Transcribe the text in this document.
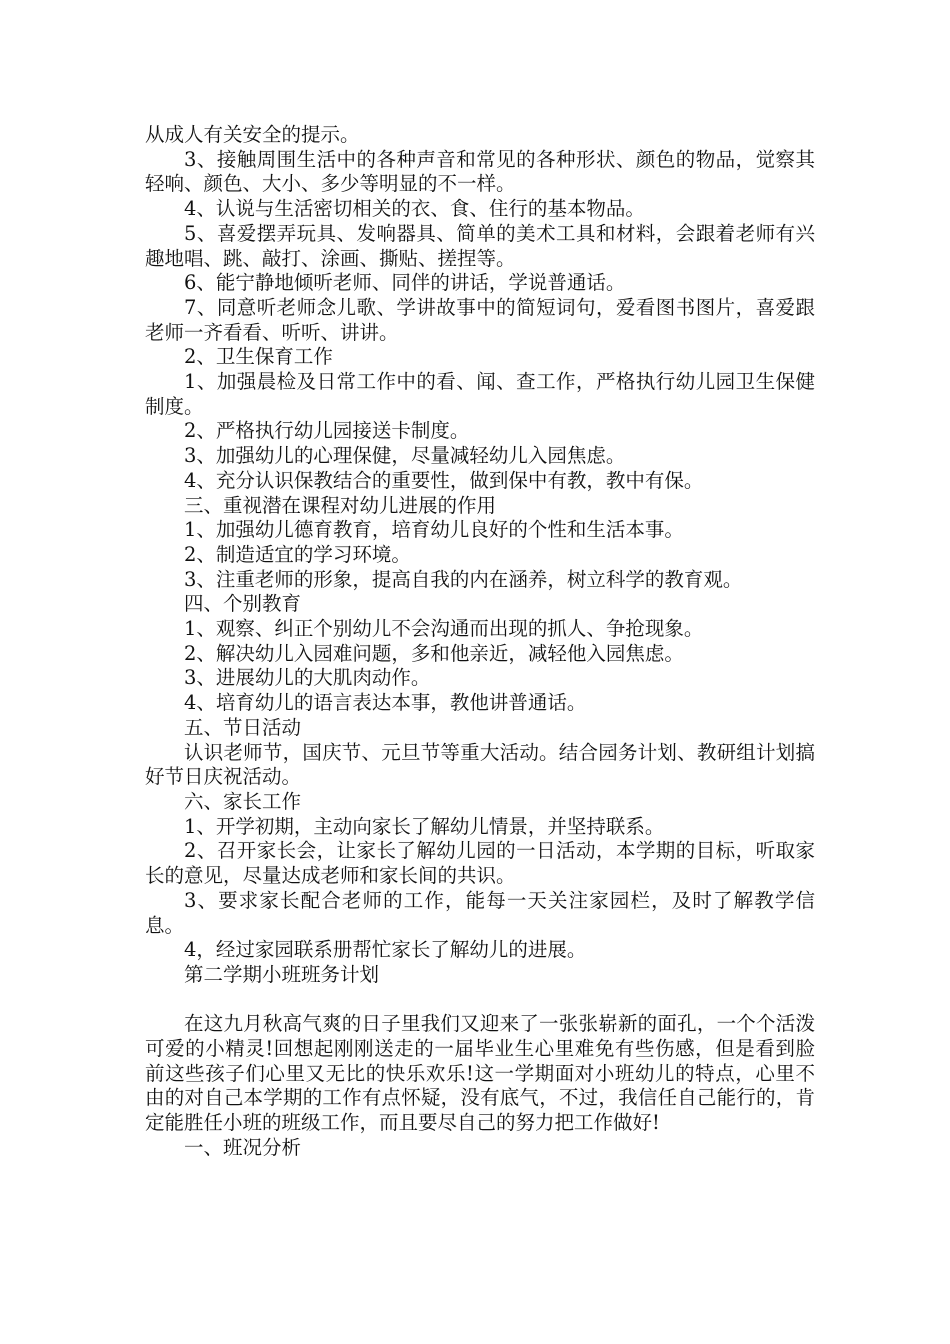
从成人有关安全的提示。

3、接触周围生活中的各种声音和常见的各种形状、颜色的物品，觉察其轻响、颜色、大小、多少等明显的不一样。

4、认说与生活密切相关的衣、食、住行的基本物品。

5、喜爱摆弄玩具、发响器具、简单的美术工具和材料，会跟着老师有兴趣地唱、跳、敲打、涂画、撕贴、搓捏等。

6、能宁静地倾听老师、同伴的讲话，学说普通话。

7、同意听老师念儿歌、学讲故事中的简短词句，爱看图书图片，喜爱跟老师一齐看看、听听、讲讲。

2、卫生保育工作

1、加强晨检及日常工作中的看、闻、查工作，严格执行幼儿园卫生保健制度。

2、严格执行幼儿园接送卡制度。

3、加强幼儿的心理保健，尽量减轻幼儿入园焦虑。

4、充分认识保教结合的重要性，做到保中有教，教中有保。

三、重视潜在课程对幼儿进展的作用

1、加强幼儿德育教育，培育幼儿良好的个性和生活本事。

2、制造适宜的学习环境。

3、注重老师的形象，提高自我的内在涵养，树立科学的教育观。

四、个别教育

1、观察、纠正个别幼儿不会沟通而出现的抓人、争抢现象。

2、解决幼儿入园难问题，多和他亲近，减轻他入园焦虑。

3、进展幼儿的大肌肉动作。

4、培育幼儿的语言表达本事，教他讲普通话。

五、节日活动

认识老师节，国庆节、元旦节等重大活动。结合园务计划、教研组计划搞好节日庆祝活动。

六、家长工作

1、开学初期，主动向家长了解幼儿情景，并坚持联系。

2、召开家长会，让家长了解幼儿园的一日活动，本学期的目标，听取家长的意见，尽量达成老师和家长间的共识。

3、要求家长配合老师的工作，能每一天关注家园栏，及时了解教学信息。

4，经过家园联系册帮忙家长了解幼儿的进展。

第二学期小班班务计划

在这九月秋高气爽的日子里我们又迎来了一张张崭新的面孔，一个个活泼可爱的小精灵!回想起刚刚送走的一届毕业生心里难免有些伤感，但是看到脸前这些孩子们心里又无比的快乐欢乐!这一学期面对小班幼儿的特点，心里不由的对自己本学期的工作有点怀疑，没有底气，不过，我信任自己能行的，肯定能胜任小班的班级工作，而且要尽自己的努力把工作做好!

一、班况分析
